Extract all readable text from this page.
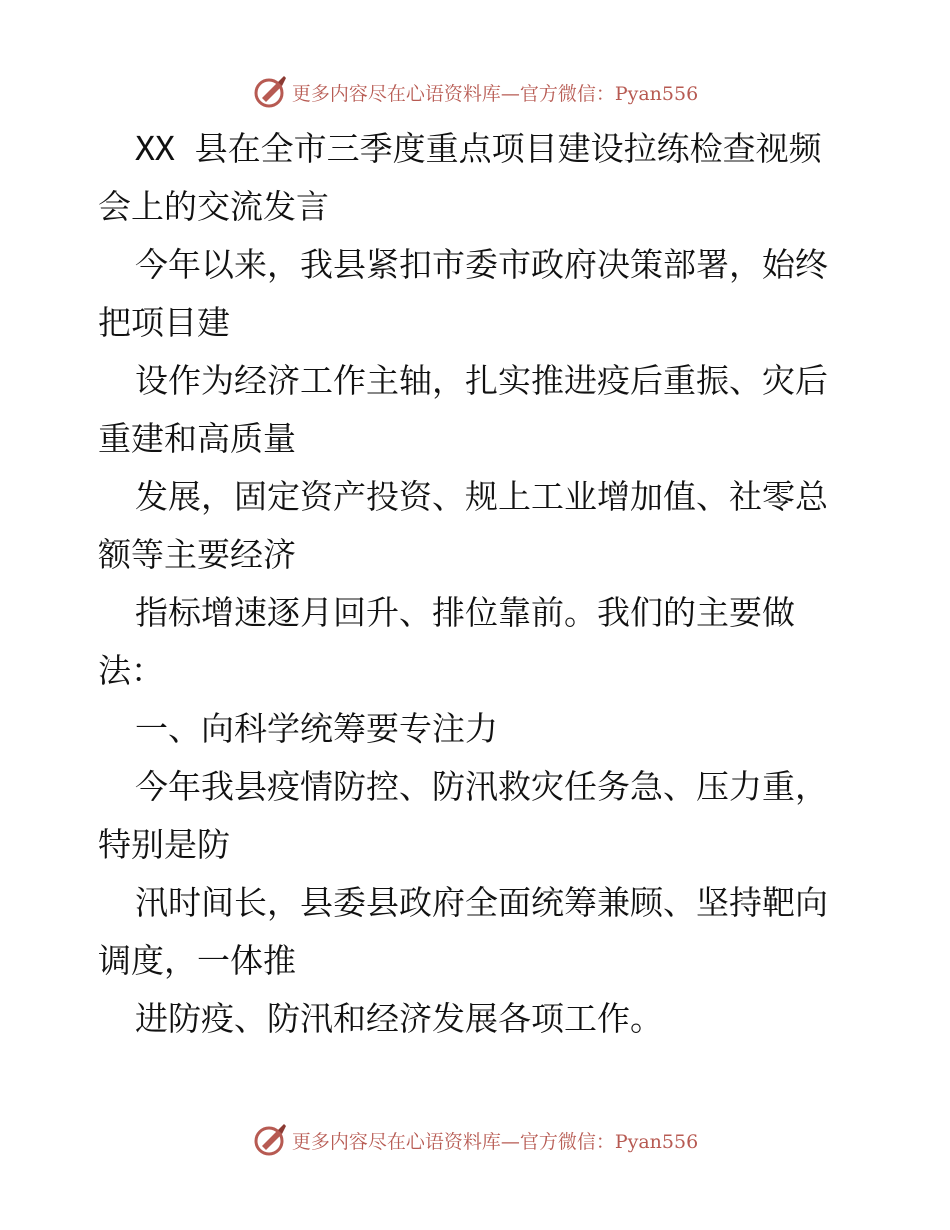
更多内容尽在心语资料库—官方微信：Pyan556
XX 县在全市三季度重点项目建设拉练检查视频
会上的交流发言
今年以来，我县紧扣市委市政府决策部署，始终
把项目建
设作为经济工作主轴，扎实推进疫后重振、灾后
重建和高质量
发展，固定资产投资、规上工业增加值、社零总
额等主要经济
指标增速逐月回升、排位靠前。我们的主要做
法：
一、向科学统筹要专注力
今年我县疫情防控、防汛救灾任务急、压力重，
特别是防
汛时间长，县委县政府全面统筹兼顾、坚持靶向
调度，一体推
进防疫、防汛和经济发展各项工作。
更多内容尽在心语资料库—官方微信：Pyan556
